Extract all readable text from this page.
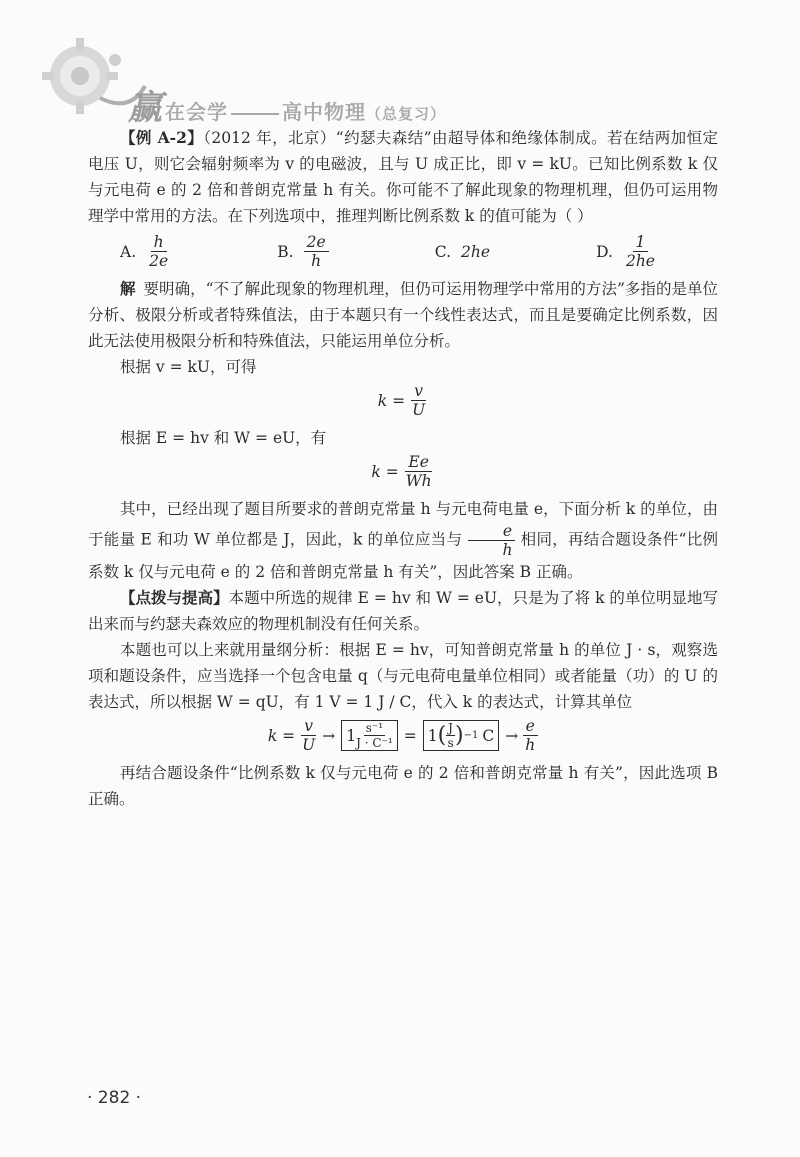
赢在会学	高中物理（总复习）

【例 A-2】（2012 年，北京）“约瑟夫森结”由超导体和绝缘体制成。若在结两加恒定电压 U，则它会辐射频率为 v 的电磁波，且与 U 成正比，即 v = kU。已知比例系数 k 仅与元电荷 e 的 2 倍和普朗克常量 h 有关。你可能不了解此现象的物理机理，但仍可运用物理学中常用的方法。在下列选项中，推理判断比例系数 k 的值可能为（ ）

A. $\frac{h}{2e}$	B. $\frac{2e}{h}$	C. 2he	D. $\frac{1}{2he}$

解 要明确，“不了解此现象的物理机理，但仍可运用物理学中常用的方法”多指的是单位分析、极限分析或者特殊值法，由于本题只有一个线性表达式，而且是要确定比例系数，因此无法使用极限分析和特殊值法，只能运用单位分析。

根据 v = kU，可得

$k = \frac{v}{U}$

根据 E = hv 和 W = eU，有

$k = \frac{Ee}{Wh}$

其中，已经出现了题目所要求的普朗克常量 h 与元电荷电量 e，下面分析 k 的单位，由于能量 E 和功 W 单位都是 J，因此，k 的单位应当与 $\frac{e}{h}$ 相同，再结合题设条件“比例系数 k 仅与元电荷 e 的 2 倍和普朗克常量 h 有关”，因此答案 B 正确。

【点拨与提高】本题中所选的规律 E = hv 和 W = eU，只是为了将 k 的单位明显地写出来而与约瑟夫森效应的物理机制没有任何关系。

本题也可以上来就用量纲分析：根据 E = hv，可知普朗克常量 h 的单位 J · s，观察选项和题设条件，应当选择一个包含电量 q（与元电荷电量单位相同）或者能量（功）的 U 的表达式，所以根据 W = qU，有 1 V = 1 J / C，代入 k 的表达式，计算其单位

$k = \frac{v}{U} \to 1 \frac{\text{s⁻¹}}{\text{J · C⁻¹}} = 1$ ( $\frac{J}{s}$ ) −1 $C \to \frac{e}{h}$

再结合题设条件“比例系数 k 仅与元电荷 e 的 2 倍和普朗克常量 h 有关”，因此选项 B 正确。

· 282 ·
